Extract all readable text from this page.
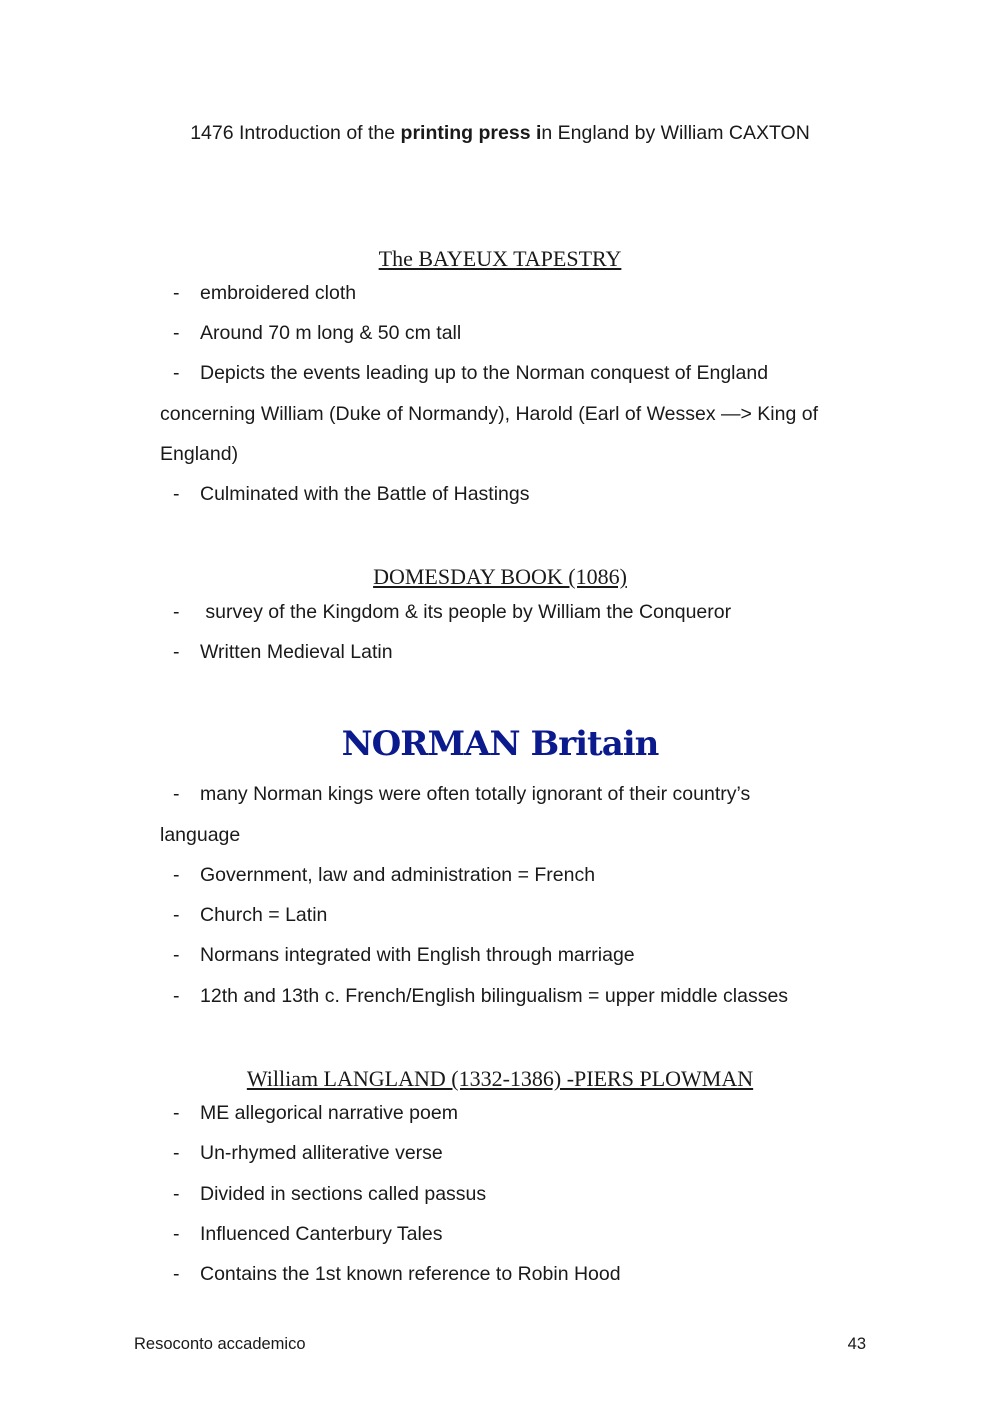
1476 Introduction of the printing press in England by William CAXTON
The BAYEUX TAPESTRY
- embroidered cloth
- Around 70 m long & 50 cm tall
- Depicts the events leading up to the Norman conquest of England
concerning William (Duke of Normandy), Harold (Earl of Wessex —> King of
England)
- Culminated with the Battle of Hastings
DOMESDAY BOOK (1086)
- survey of the Kingdom & its people by William the Conqueror
- Written Medieval Latin
NORMAN Britain
- many Norman kings were often totally ignorant of their country’s
language
- Government, law and administration = French
- Church = Latin
- Normans integrated with English through marriage
- 12th and 13th c. French/English bilingualism = upper middle classes
William LANGLAND (1332-1386) -PIERS PLOWMAN
- ME allegorical narrative poem
- Un-rhymed alliterative verse
- Divided in sections called passus
- Influenced Canterbury Tales
- Contains the 1st known reference to Robin Hood
Resoconto accademico	43
